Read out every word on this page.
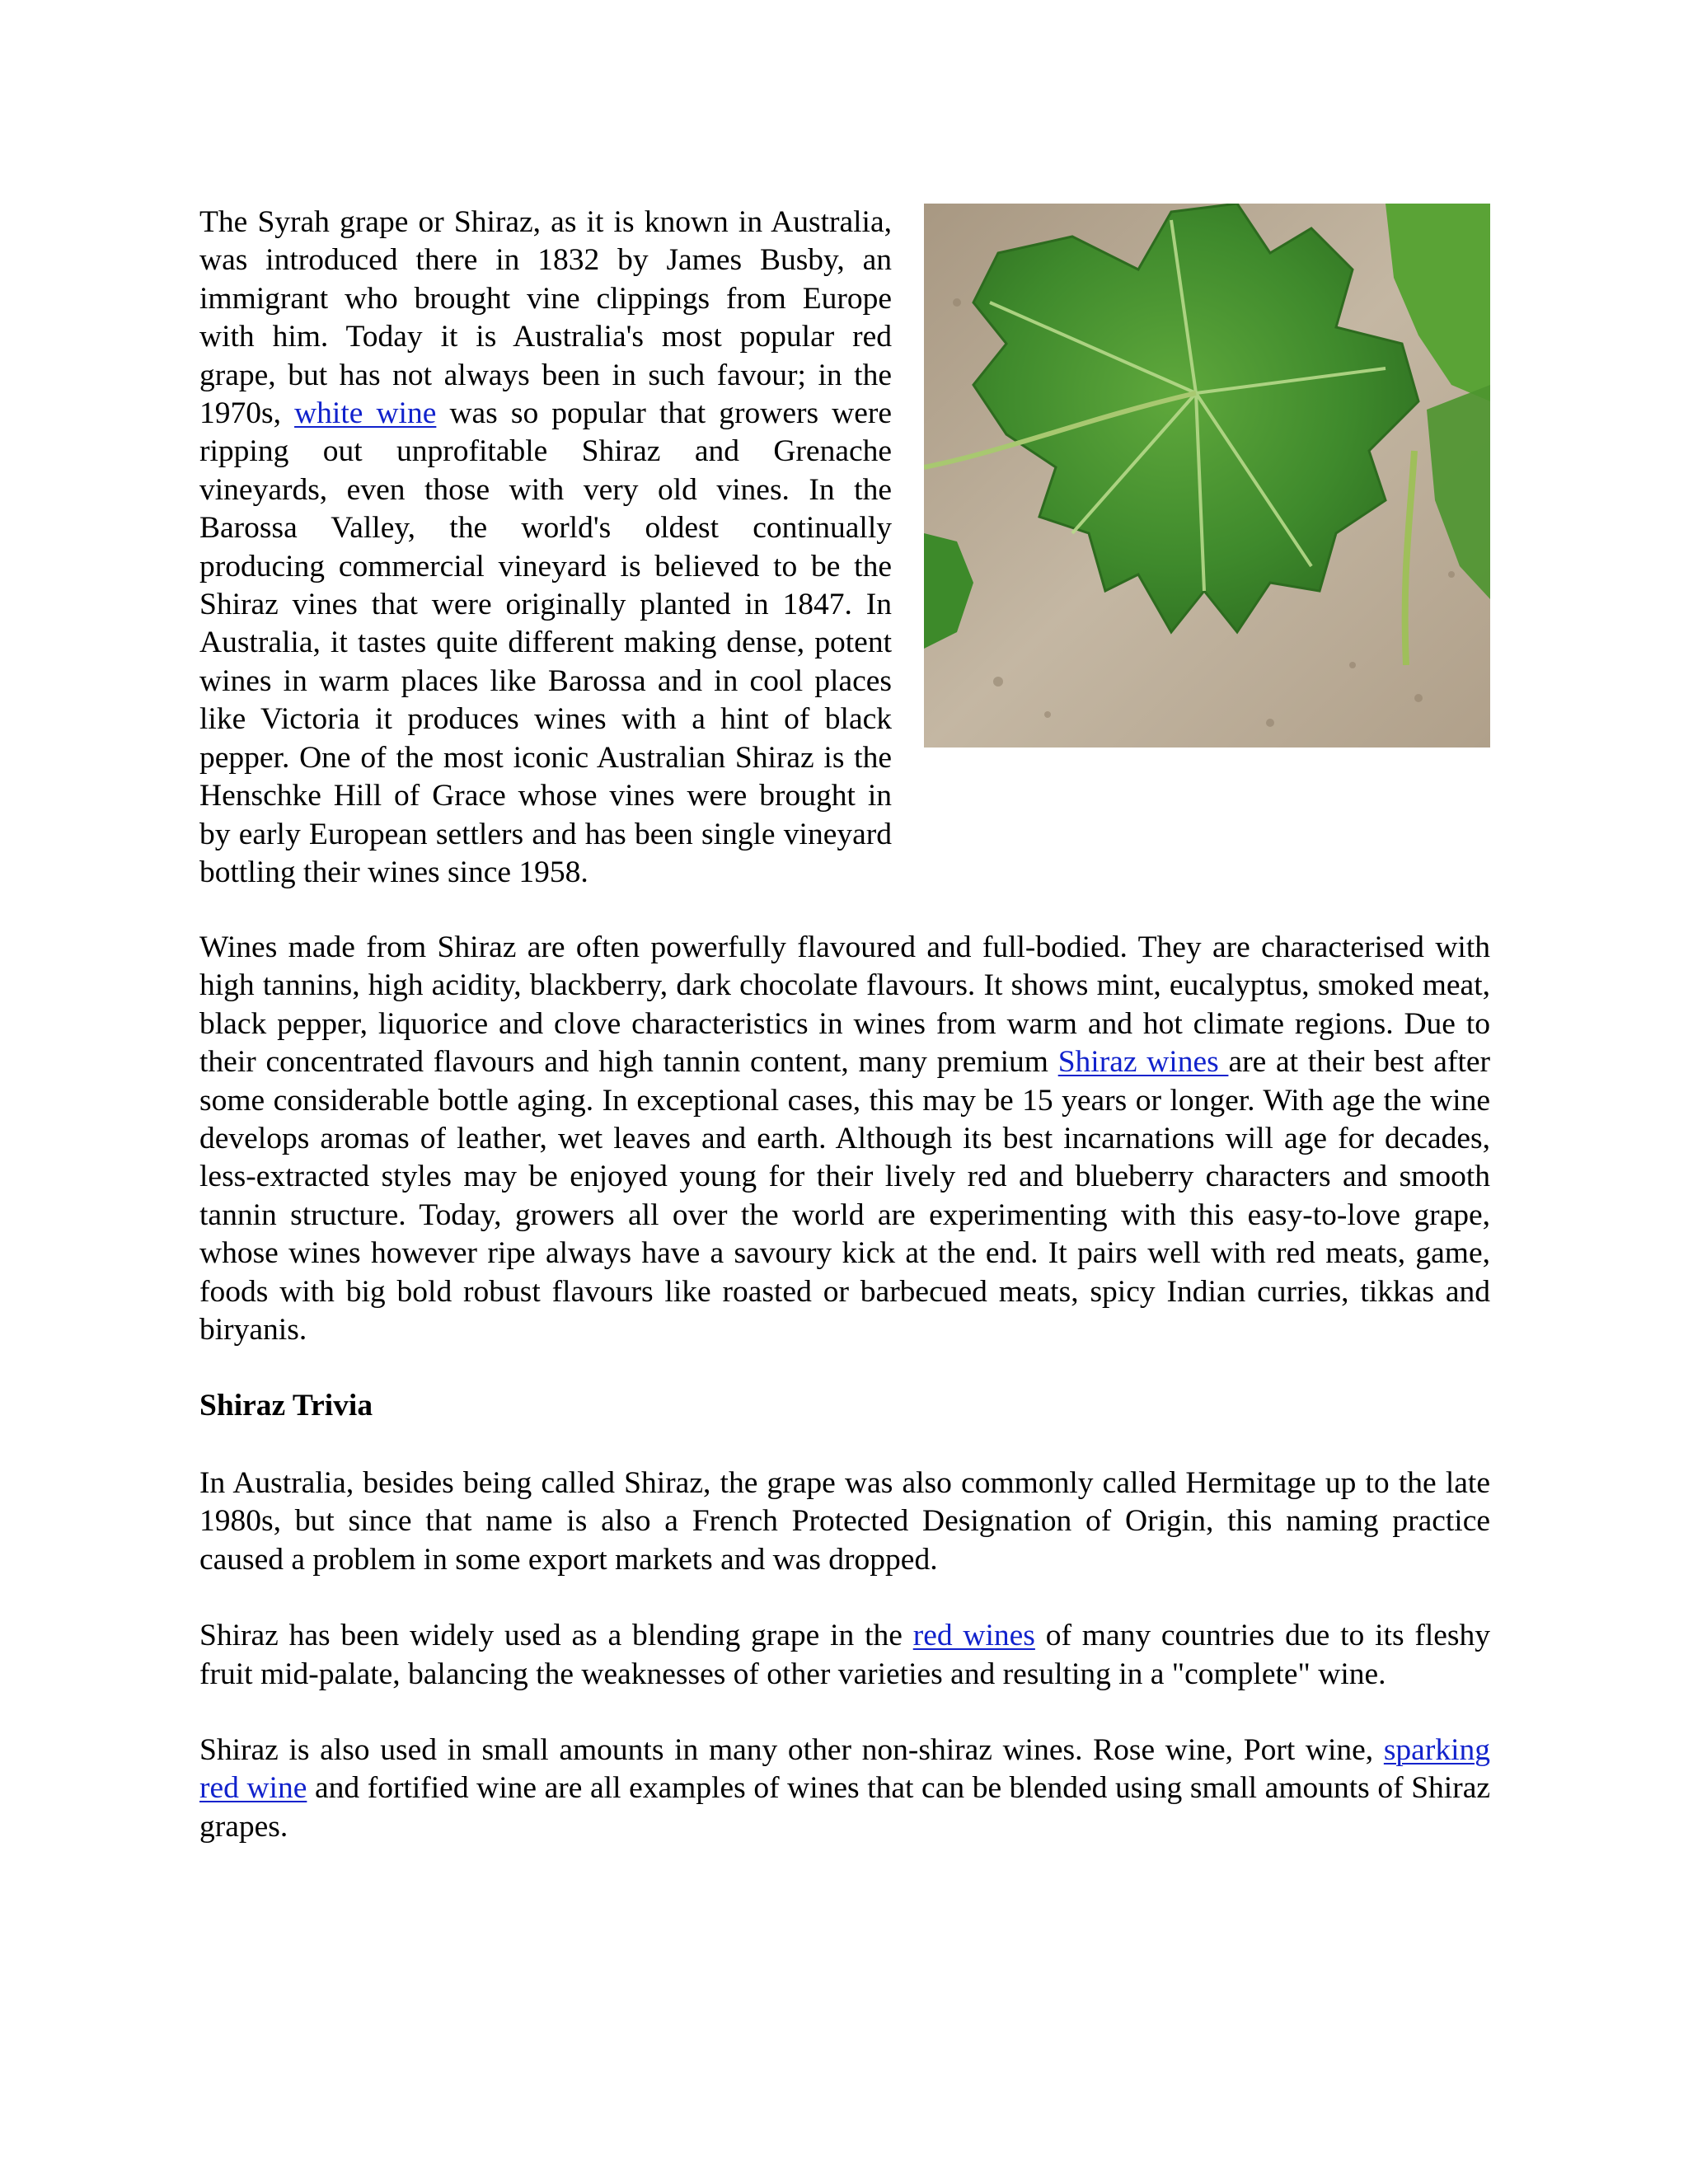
The Syrah grape or Shiraz, as it is known in Australia, was introduced there in 1832 by James Busby, an immigrant who brought vine clippings from Europe with him. Today it is Australia's most popular red grape, but has not always been in such favour; in the 1970s, white wine was so popular that growers were ripping out unprofitable Shiraz and Grenache vineyards, even those with very old vines. In the Barossa Valley, the world's oldest continually producing commercial vineyard is believed to be the Shiraz vines that were originally planted in 1847. In Australia, it tastes quite different making dense, potent wines in warm places like Barossa and in cool places like Victoria it produces wines with a hint of black pepper. One of the most iconic Australian Shiraz is the Henschke Hill of Grace whose vines were brought in by early European settlers and has been single vineyard bottling their wines since 1958.

Wines made from Shiraz are often powerfully flavoured and full-bodied. They are characterised with high tannins, high acidity, blackberry, dark chocolate flavours. It shows mint, eucalyptus, smoked meat, black pepper, liquorice and clove characteristics in wines from warm and hot climate regions. Due to their concentrated flavours and high tannin content, many premium Shiraz wines are at their best after some considerable bottle aging. In exceptional cases, this may be 15 years or longer. With age the wine develops aromas of leather, wet leaves and earth. Although its best incarnations will age for decades, less-extracted styles may be enjoyed young for their lively red and blueberry characters and smooth tannin structure. Today, growers all over the world are experimenting with this easy-to-love grape, whose wines however ripe always have a savoury kick at the end. It pairs well with red meats, game, foods with big bold robust flavours like roasted or barbecued meats, spicy Indian curries, tikkas and biryanis.

Shiraz Trivia

In Australia, besides being called Shiraz, the grape was also commonly called Hermitage up to the late 1980s, but since that name is also a French Protected Designation of Origin, this naming practice caused a problem in some export markets and was dropped.

Shiraz has been widely used as a blending grape in the red wines of many countries due to its fleshy fruit mid-palate, balancing the weaknesses of other varieties and resulting in a "complete" wine.

Shiraz is also used in small amounts in many other non-shiraz wines. Rose wine, Port wine, sparking red wine and fortified wine are all examples of wines that can be blended using small amounts of Shiraz grapes.
